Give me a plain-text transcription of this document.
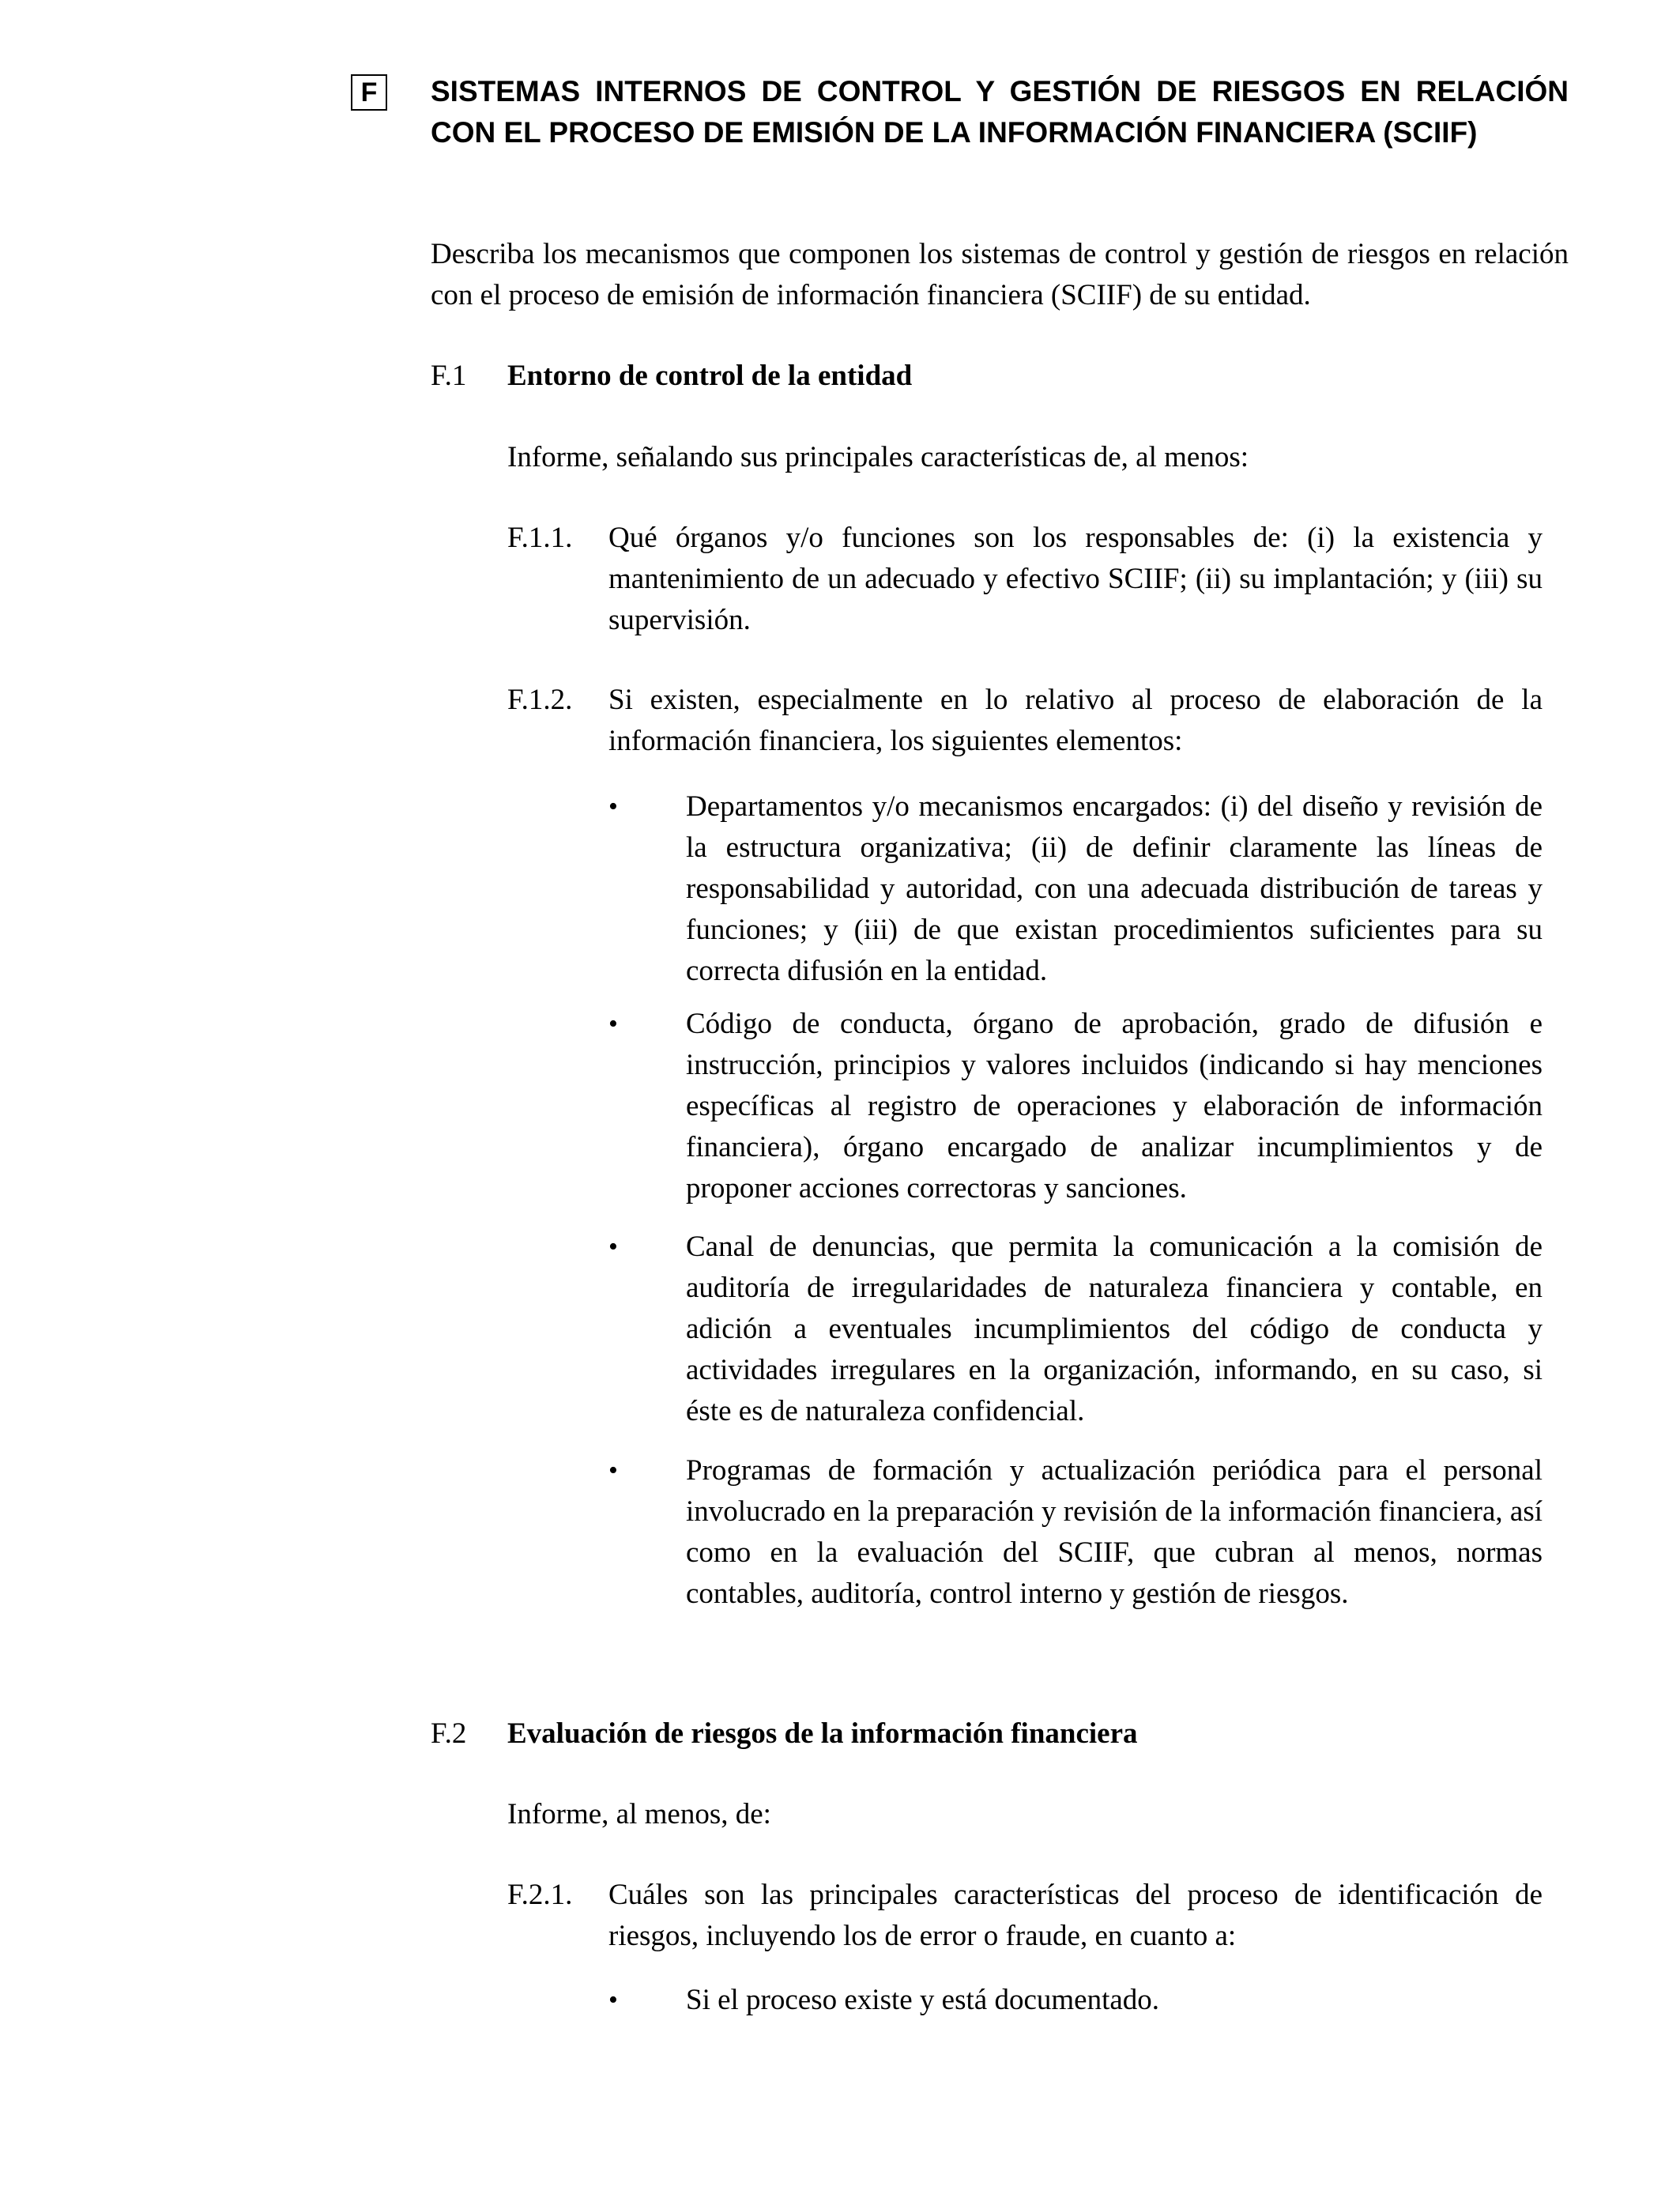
F	SISTEMAS INTERNOS DE CONTROL Y GESTIÓN DE RIESGOS EN RELACIÓN CON EL PROCESO DE EMISIÓN DE LA INFORMACIÓN FINANCIERA (SCIIF)
Describa los mecanismos que componen los sistemas de control y gestión de riesgos en relación con el proceso de emisión de información financiera (SCIIF) de su entidad.
F.1 Entorno de control de la entidad
Informe, señalando sus principales características de, al menos:
F.1.1. Qué órganos y/o funciones son los responsables de: (i) la existencia y mantenimiento de un adecuado y efectivo SCIIF; (ii) su implantación; y (iii) su supervisión.
F.1.2. Si existen, especialmente en lo relativo al proceso de elaboración de la información financiera, los siguientes elementos:
• Departamentos y/o mecanismos encargados: (i) del diseño y revisión de la estructura organizativa; (ii) de definir claramente las líneas de responsabilidad y autoridad, con una adecuada distribución de tareas y funciones; y (iii) de que existan procedimientos suficientes para su correcta difusión en la entidad.
• Código de conducta, órgano de aprobación, grado de difusión e instrucción, principios y valores incluidos (indicando si hay menciones específicas al registro de operaciones y elaboración de información financiera), órgano encargado de analizar incumplimientos y de proponer acciones correctoras y sanciones.
• Canal de denuncias, que permita la comunicación a la comisión de auditoría de irregularidades de naturaleza financiera y contable, en adición a eventuales incumplimientos del código de conducta y actividades irregulares en la organización, informando, en su caso, si éste es de naturaleza confidencial.
• Programas de formación y actualización periódica para el personal involucrado en la preparación y revisión de la información financiera, así como en la evaluación del SCIIF, que cubran al menos, normas contables, auditoría, control interno y gestión de riesgos.
F.2 Evaluación de riesgos de la información financiera
Informe, al menos, de:
F.2.1. Cuáles son las principales características del proceso de identificación de riesgos, incluyendo los de error o fraude, en cuanto a:
• Si el proceso existe y está documentado.
